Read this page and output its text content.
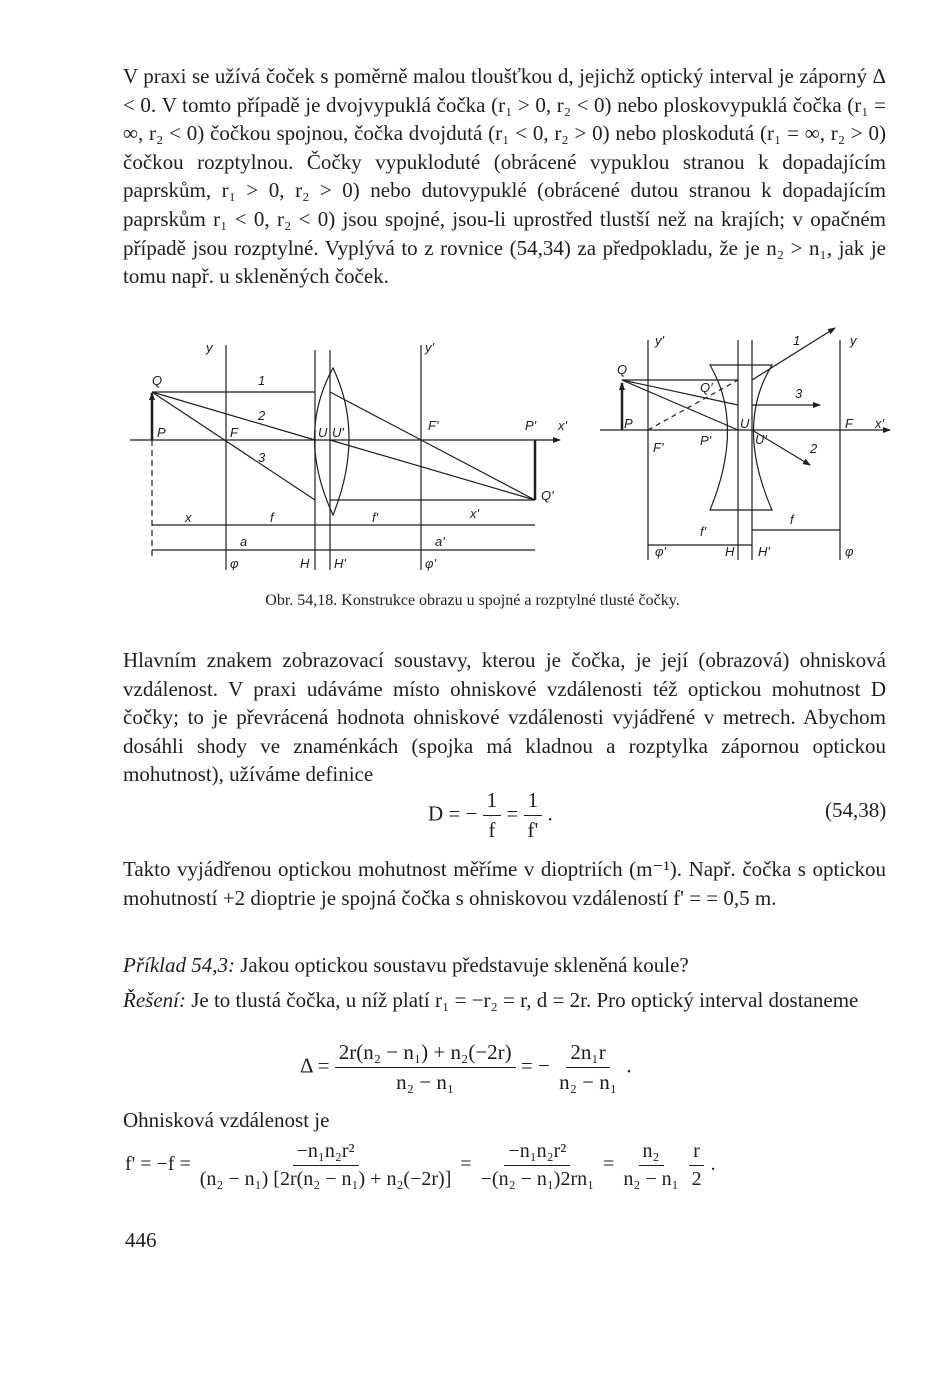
V praxi se užívá čoček s poměrně malou tloušťkou d, jejichž optický interval je záporný Δ < 0. V tomto případě je dvojvypuklá čočka (r₁ > 0, r₂ < 0) nebo ploskovypuklá čočka (r₁ = ∞, r₂ < 0) čočkou spojnou, čočka dvojdutá (r₁ < 0, r₂ > 0) nebo ploskodutá (r₁ = ∞, r₂ > 0) čočkou rozptylnou. Čočky vypukloduté (obrácené vypuklou stranou k dopadajícím paprskům, r₁ > 0, r₂ > 0) nebo dutovypuklé (obrácené dutou stranou k dopadajícím paprskům r₁ < 0, r₂ < 0) jsou spojné, jsou-li uprostřed tlustší než na krajích; v opačném případě jsou rozptylné. Vyplývá to z rovnice (54,34) za předpokladu, že je n₂ > n₁, jak je tomu např. u skleněných čoček.

y	y'
Q
P	F	U U'	F'	P' x'
Q'
1
2
3
x	f	f'	x'
a	a'
φ	H H'	φ'
y'	y
Q
Q'
P
F'	P'
U
U'
F x'
1
2
3
f'
f
φ'	H H'	φ
Obr. 54,18. Konstrukce obrazu u spojné a rozptylné tlusté čočky.

Hlavním znakem zobrazovací soustavy, kterou je čočka, je její (obrazová) ohnisková vzdálenost. V praxi udáváme místo ohniskové vzdálenosti též optickou mohutnost D čočky; to je převrácená hodnota ohniskové vzdálenosti vyjádřené v metrech. Abychom dosáhli shody ve znaménkách (spojka má kladnou a rozptylka zápornou optickou mohutnost), užíváme definice

D = − $\frac{1}{f} = \frac{1}{f'}$ .	(54,38)

Takto vyjádřenou optickou mohutnost měříme v dioptriích (m⁻¹). Např. čočka s optickou mohutností +2 dioptrie je spojná čočka s ohniskovou vzdáleností f' = = 0,5 m.

Příklad 54,3: Jakou optickou soustavu představuje skleněná koule?

Řešení: Je to tlustá čočka, u níž platí r₁ = −r₂ = r, d = 2r. Pro optický interval dostaneme

$\Delta = \frac{\text{2r(n₂ − n₁) + n₂(−2r)}}{\text{n₂ − n₁}}$ = − $\frac{\text{2n₁r}}{\text{n₂ − n₁}}$ .

Ohnisková vzdálenost je

$f' = -f = \frac{\text{−n₁n₂r²}}{\text{(n₂ − n₁) [2r(n₂ − n₁) + n₂(−2r)]}} = \frac{\text{−n₁n₂r²}}{\text{−(n₂ − n₁)2rn₁}} = \frac{\text{n₂}}{\text{n₂ − n₁}}$
$\frac{r}{2}$ .
446
